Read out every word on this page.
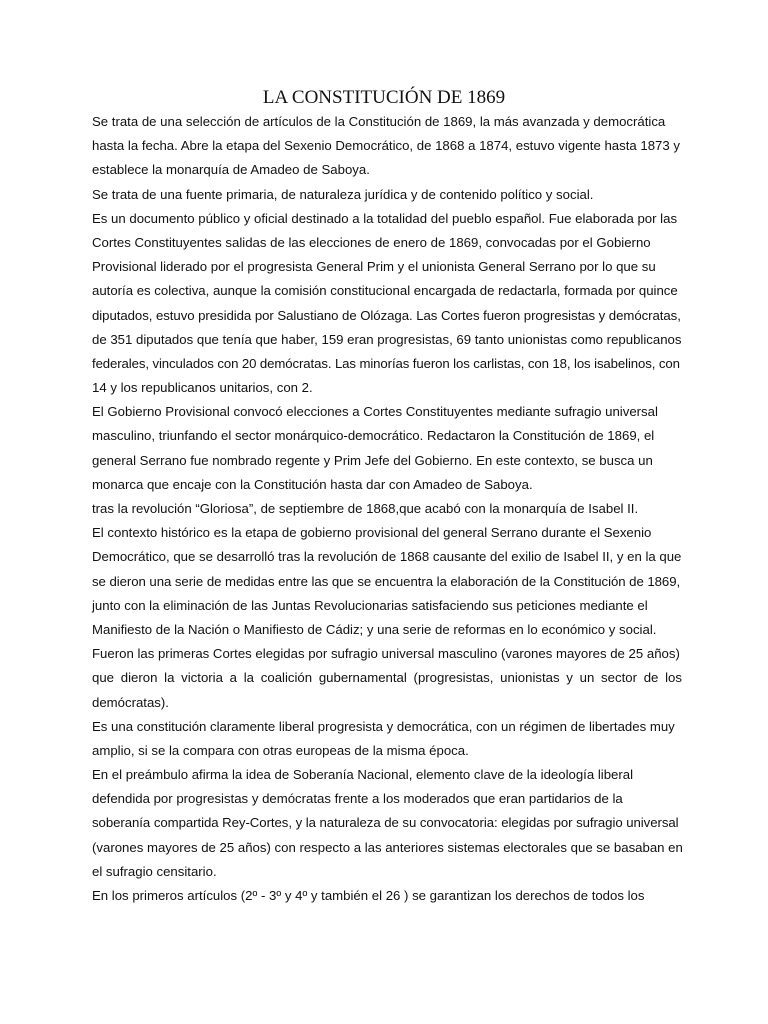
LA CONSTITUCIÓN DE 1869
Se trata de una selección de artículos de la Constitución de 1869, la más avanzada y democrática
hasta la fecha. Abre la etapa del Sexenio Democrático, de 1868 a 1874, estuvo vigente hasta 1873 y
establece la monarquía de Amadeo de Saboya.
Se trata de una fuente primaria, de naturaleza jurídica y de contenido político y social.
Es un documento público y oficial destinado a la totalidad del pueblo español. Fue elaborada por las
Cortes Constituyentes salidas de las elecciones de enero de 1869, convocadas por el Gobierno
Provisional liderado por el progresista General Prim y el unionista General Serrano por lo que su
autoría es colectiva, aunque la comisión constitucional encargada de redactarla, formada por quince
diputados, estuvo presidida por Salustiano de Olózaga. Las Cortes fueron progresistas y demócratas,
de 351 diputados que tenía que haber, 159 eran progresistas, 69 tanto unionistas como republicanos
federales, vinculados con 20 demócratas. Las minorías fueron los carlistas, con 18, los isabelinos, con
14 y los republicanos unitarios, con 2.
El Gobierno Provisional convocó elecciones a Cortes Constituyentes mediante sufragio universal
masculino, triunfando el sector monárquico-democrático. Redactaron la Constitución de 1869, el
general Serrano fue nombrado regente y Prim Jefe del Gobierno. En este contexto, se busca un
monarca que encaje con la Constitución hasta dar con Amadeo de Saboya.
tras la revolución “Gloriosa”, de septiembre de 1868,que acabó con la monarquía de Isabel II.
El contexto histórico es la etapa de gobierno provisional del general Serrano durante el Sexenio
Democrático, que se desarrolló tras la revolución de 1868 causante del exilio de Isabel II, y en la que
se dieron una serie de medidas entre las que se encuentra la elaboración de la Constitución de 1869,
junto con la eliminación de las Juntas Revolucionarias satisfaciendo sus peticiones mediante el
Manifiesto de la Nación o Manifiesto de Cádiz; y una serie de reformas en lo económico y social.
Fueron las primeras Cortes elegidas por sufragio universal masculino (varones mayores de 25 años)
que dieron la victoria a la coalición gubernamental (progresistas, unionistas y un sector de los
demócratas).
Es una constitución claramente liberal progresista y democrática, con un régimen de libertades muy
amplio, si se la compara con otras europeas de la misma época.
En el preámbulo afirma la idea de Soberanía Nacional, elemento clave de la ideología liberal
defendida por progresistas y demócratas frente a los moderados que eran partidarios de la
soberanía compartida Rey-Cortes, y la naturaleza de su convocatoria: elegidas por sufragio universal
(varones mayores de 25 años) con respecto a las anteriores sistemas electorales que se basaban en
el sufragio censitario.
En los primeros artículos (2º - 3º y 4º y también el 26 ) se garantizan los derechos de todos los
